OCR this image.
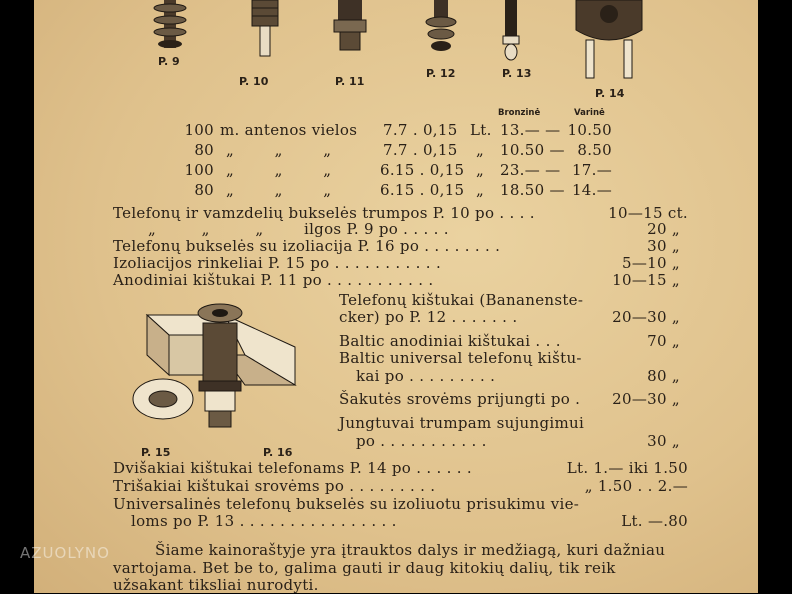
P. 9
P. 10	P. 11
P. 12	P. 13
P. 14
Bronzinė	Varinė
100 m. antenos vielos 7.7 . 0,15 Lt. 13.— — 10.50
80 „        „        „	7.7 . 0,15 „ 10.50 — 8.50
100 „        „        „	6.15 . 0,15 „ 23.— — 17.—
80 „        „        „	6.15 . 0,15 „ 18.50 — 14.—
Telefonų ir vamzdelių bukselės trumpos P. 10 po . . . .	10—15 ct.
„         „         „        ilgos P. 9 po . . . . .	20 „
Telefonų bukselės su izoliacija P. 16 po . . . . . . . .	30 „
Izoliacijos rinkeliai P. 15 po . . . . . . . . . . .	5—10 „
Anodiniai kištukai P. 11 po . . . . . . . . . . .	10—15 „
P. 15	P. 16
Telefonų kištukai (Bananenste-
cker) po P. 12 . . . . . . .	20—30 „
Baltic anodiniai kištukai . . .	70 „
Baltic universal telefonų kištu-
kai po . . . . . . . . .	80 „
Šakutės srovėms prijungti po .	20—30 „
Jungtuvai trumpam sujungimui
po . . . . . . . . . . .	30 „
Dvišakiai kištukai telefonams P. 14 po . . . . . .	Lt. 1.— iki 1.50
Trišakiai kištukai srovėms po . . . . . . . . .	„ 1.50 . . 2.—
Universalinės telefonų bukselės su izoliuotu prisukimu vie-
loms po P. 13 . . . . . . . . . . . . . . . .	Lt. —.80
Šiame kainoraštyje yra įtrauktos dalys ir medžiagą, kuri dažniau
vartojama. Bet be to, galima gauti ir daug kitokių dalių, tik reik
užsakant tiksliai nurodyti.
AZUOLYNO
